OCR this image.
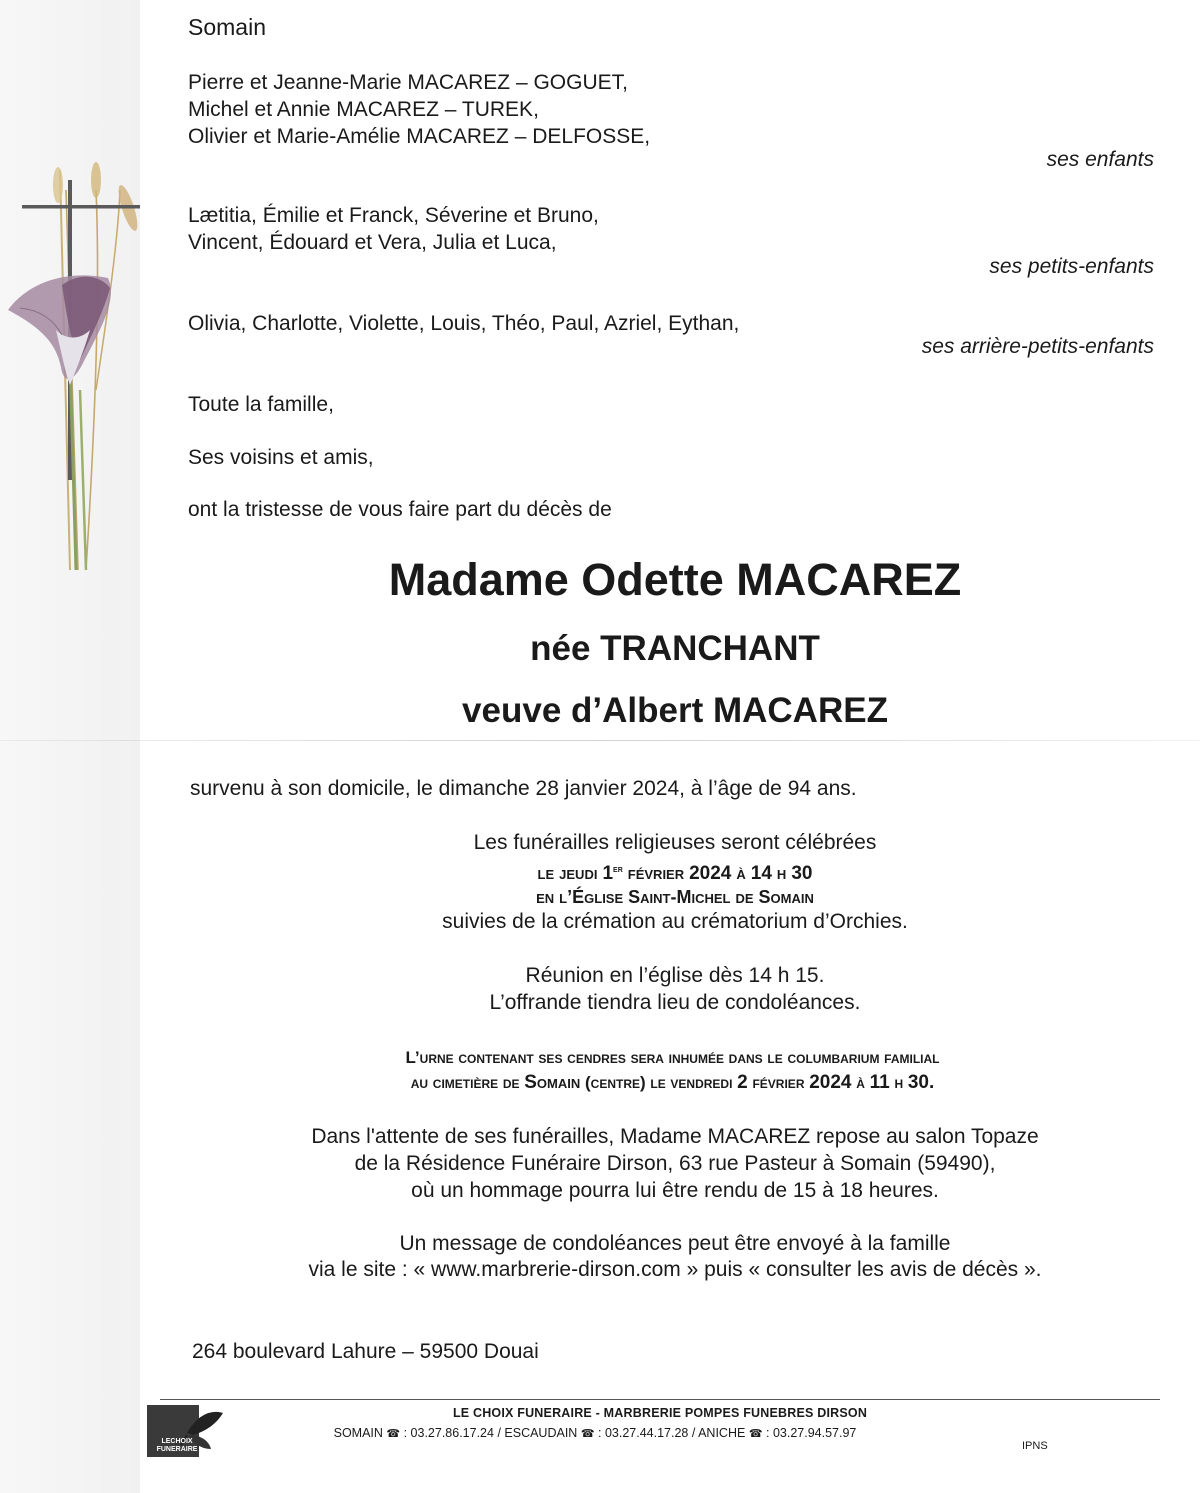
Somain
Pierre et Jeanne-Marie MACAREZ – GOGUET,
Michel et Annie MACAREZ – TUREK,
Olivier et Marie-Amélie MACAREZ – DELFOSSE,
ses enfants
Lætitia, Émilie et Franck, Séverine et Bruno,
Vincent, Édouard et Vera, Julia et Luca,
ses petits-enfants
Olivia, Charlotte, Violette, Louis, Théo, Paul, Azriel, Eythan,
ses arrière-petits-enfants
Toute la famille,
Ses voisins et amis,
ont la tristesse de vous faire part du décès de
Madame Odette MACAREZ
née TRANCHANT
veuve d’Albert MACAREZ
survenu à son domicile, le dimanche 28 janvier 2024, à l’âge de 94 ans.
Les funérailles religieuses seront célébrées
le jeudi 1er février 2024 à 14 h 30
en l’Église Saint-Michel de Somain
suivies de la crémation au crématorium d’Orchies.
Réunion en l’église dès 14 h 15.
L’offrande tiendra lieu de condoléances.
L’urne contenant ses cendres sera inhumée dans le columbarium familial
au cimetière de Somain (centre) le vendredi 2 février 2024 à 11 h 30.
Dans l'attente de ses funérailles, Madame MACAREZ repose au salon Topaze
de la Résidence Funéraire Dirson, 63 rue Pasteur à Somain (59490),
où un hommage pourra lui être rendu de 15 à 18 heures.
Un message de condoléances peut être envoyé à la famille
via le site : « www.marbrerie-dirson.com » puis « consulter les avis de décès ».
264 boulevard Lahure – 59500 Douai
LECHOIX
FUNERAIRE
LE CHOIX FUNERAIRE - MARBRERIE POMPES FUNEBRES DIRSON
SOMAIN ☎ : 03.27.86.17.24 / ESCAUDAIN ☎ : 03.27.44.17.28 / ANICHE ☎ : 03.27.94.57.97
IPNS
